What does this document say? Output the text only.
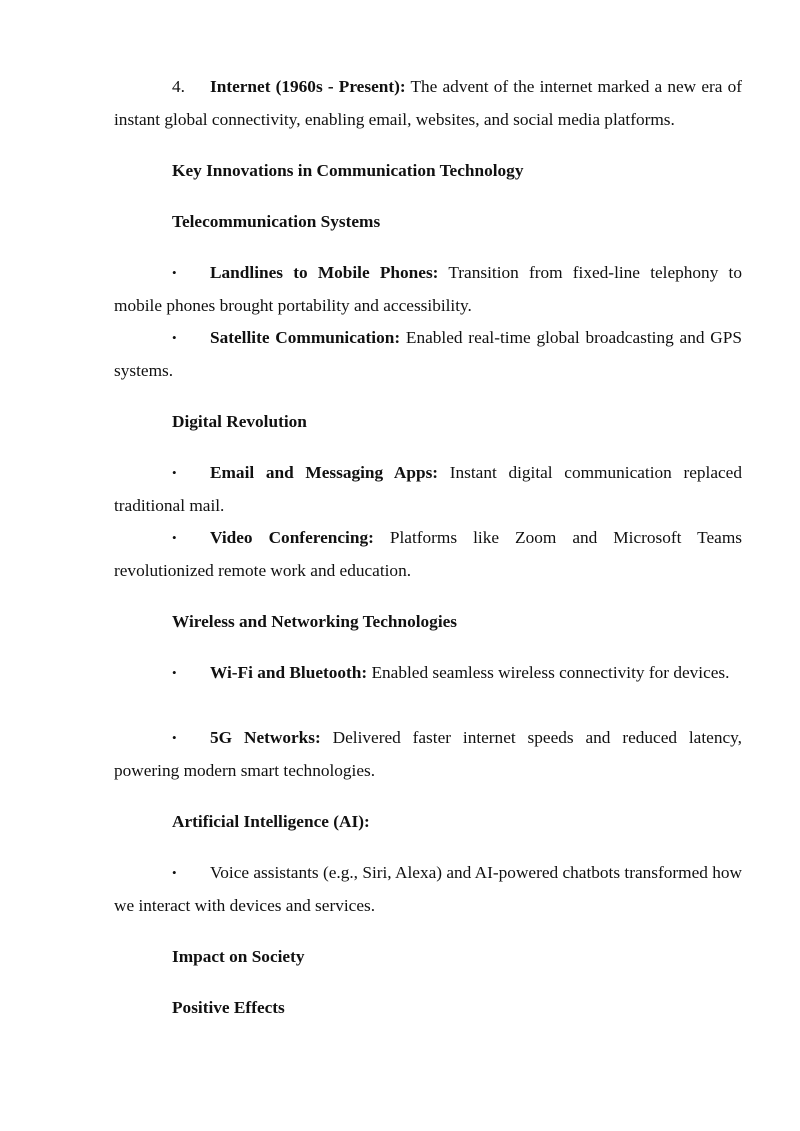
4. Internet (1960s - Present): The advent of the internet marked a new era of instant global connectivity, enabling email, websites, and social media platforms.

Key Innovations in Communication Technology
Telecommunication Systems

• Landlines to Mobile Phones: Transition from fixed-line telephony to mobile phones brought portability and accessibility.

• Satellite Communication: Enabled real-time global broadcasting and GPS systems.

Digital Revolution

• Email and Messaging Apps: Instant digital communication replaced traditional mail.

• Video Conferencing: Platforms like Zoom and Microsoft Teams revolutionized remote work and education.

Wireless and Networking Technologies

• Wi-Fi and Bluetooth: Enabled seamless wireless connectivity for devices.

• 5G Networks: Delivered faster internet speeds and reduced latency, powering modern smart technologies.

Artificial Intelligence (AI):

• Voice assistants (e.g., Siri, Alexa) and AI-powered chatbots transformed how we interact with devices and services.

Impact on Society
Positive Effects
